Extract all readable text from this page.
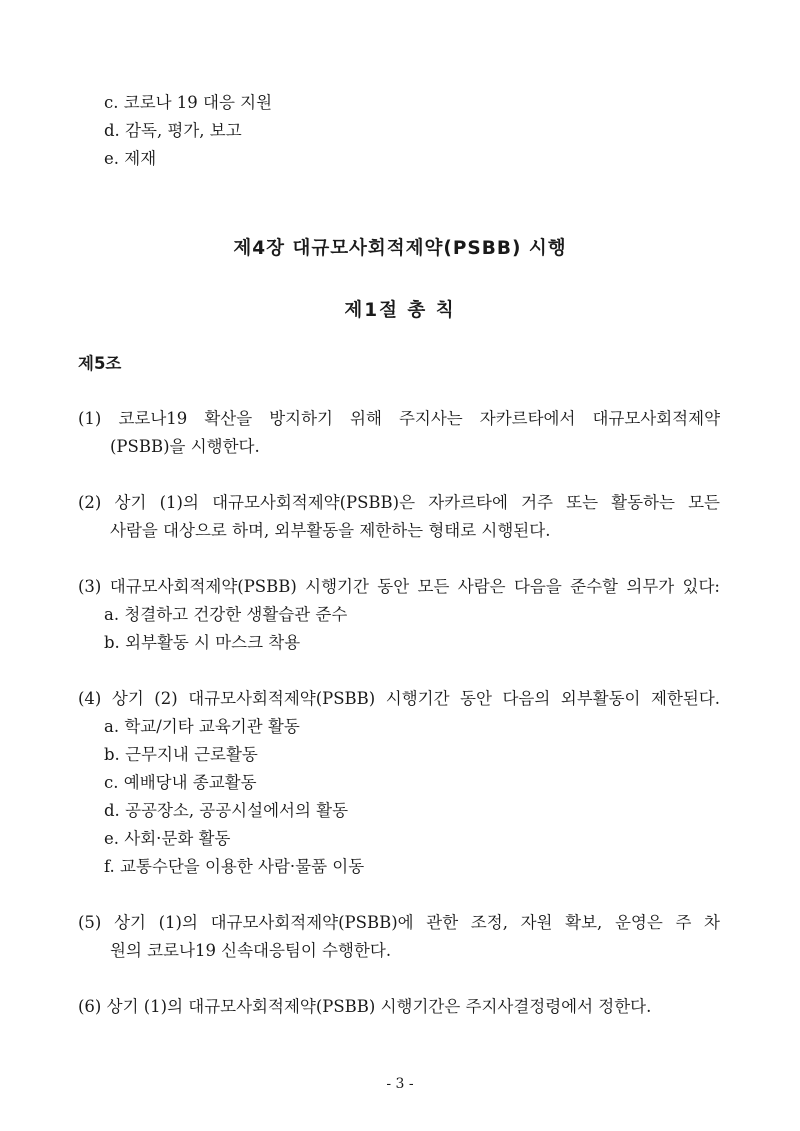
c. 코로나 19 대응 지원
d. 감독, 평가, 보고
e. 제재
제4장 대규모사회적제약(PSBB) 시행
제1절 총 칙
제5조
(1) 코로나19 확산을 방지하기 위해 주지사는 자카르타에서 대규모사회적제약
(PSBB)을 시행한다.
(2) 상기 (1)의 대규모사회적제약(PSBB)은 자카르타에 거주 또는 활동하는 모든
사람을 대상으로 하며, 외부활동을 제한하는 형태로 시행된다.
(3) 대규모사회적제약(PSBB) 시행기간 동안 모든 사람은 다음을 준수할 의무가 있다:
a. 청결하고 건강한 생활습관 준수
b. 외부활동 시 마스크 착용
(4) 상기 (2) 대규모사회적제약(PSBB) 시행기간 동안 다음의 외부활동이 제한된다.
a. 학교/기타 교육기관 활동
b. 근무지내 근로활동
c. 예배당내 종교활동
d. 공공장소, 공공시설에서의 활동
e. 사회·문화 활동
f. 교통수단을 이용한 사람·물품 이동
(5) 상기 (1)의 대규모사회적제약(PSBB)에 관한 조정, 자원 확보, 운영은 주 차
원의 코로나19 신속대응팀이 수행한다.
(6) 상기 (1)의 대규모사회적제약(PSBB) 시행기간은 주지사결정령에서 정한다.
- 3 -
